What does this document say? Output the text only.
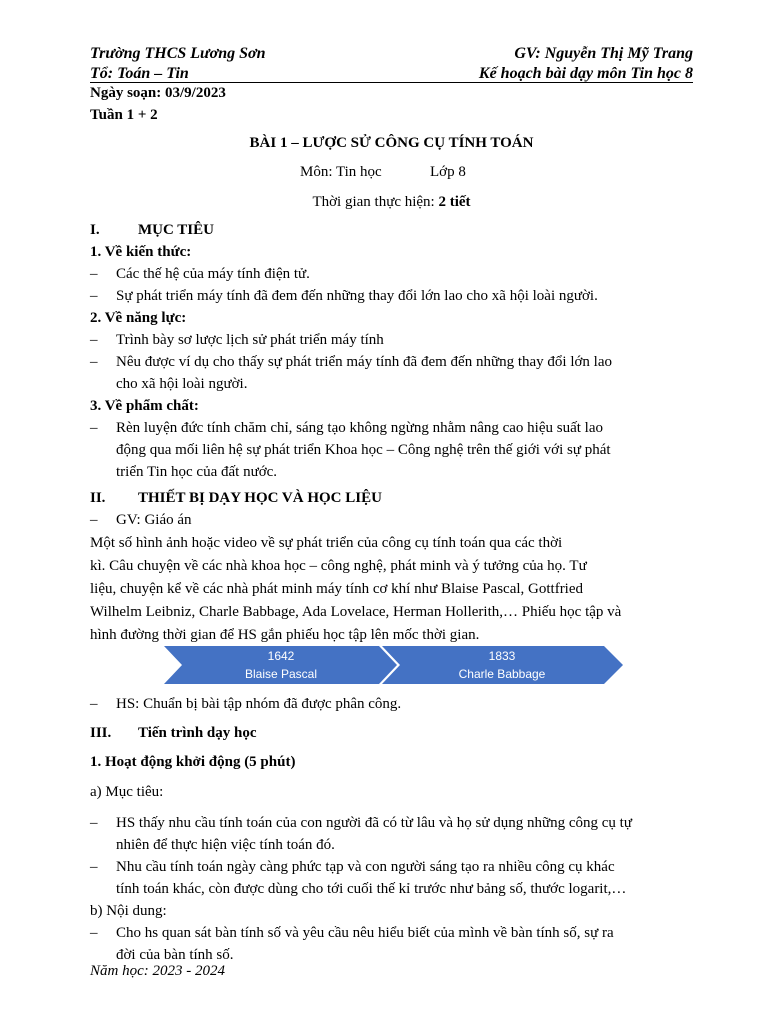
Trường THCS Lương Sơn	GV: Nguyễn Thị Mỹ Trang
Tổ: Toán – Tin	Kế hoạch bài dạy môn Tin học 8
Ngày soạn: 03/9/2023
Tuần 1 + 2
BÀI 1 – LƯỢC SỬ CÔNG CỤ TÍNH TOÁN
Môn: Tin học	Lớp 8
Thời gian thực hiện: 2 tiết
I.	MỤC TIÊU
1. Về kiến thức:
– Các thế hệ của máy tính điện tử.
– Sự phát triển máy tính đã đem đến những thay đổi lớn lao cho xã hội loài người.
2. Về năng lực:
– Trình bày sơ lược lịch sử phát triển máy tính
– Nêu được ví dụ cho thấy sự phát triển máy tính đã đem đến những thay đổi lớn lao
cho xã hội loài người.
3. Về phẩm chất:
– Rèn luyện đức tính chăm chỉ, sáng tạo không ngừng nhằm nâng cao hiệu suất lao
động qua mối liên hệ sự phát triển Khoa học – Công nghệ trên thế giới với sự phát
triển Tin học của đất nước.
II. THIẾT BỊ DẠY HỌC VÀ HỌC LIỆU
– GV: Giáo án
Một số hình ảnh hoặc video về sự phát triển của công cụ tính toán qua các thời
kì. Câu chuyện về các nhà khoa học – công nghệ, phát minh và ý tưởng của họ. Tư
liệu, chuyện kể về các nhà phát minh máy tính cơ khí như Blaise Pascal, Gottfried
Wilhelm Leibniz, Charle Babbage, Ada Lovelace, Herman Hollerith,… Phiếu học tập và
hình đường thời gian để HS gắn phiếu học tập lên mốc thời gian.
– HS: Chuẩn bị bài tập nhóm đã được phân công.
III. Tiến trình dạy học
1. Hoạt động khởi động (5 phút)
a) Mục tiêu:
– HS thấy nhu cầu tính toán của con người đã có từ lâu và họ sử dụng những công cụ tự
nhiên để thực hiện việc tính toán đó.
– Nhu cầu tính toán ngày càng phức tạp và con người sáng tạo ra nhiều công cụ khác
tính toán khác, còn được dùng cho tới cuối thế kỉ trước như bảng số, thước logarit,…
b) Nội dung:
– Cho hs quan sát bàn tính số và yêu cầu nêu hiểu biết của mình về bàn tính số, sự ra
đời của bàn tính số.
1642
Blaise Pascal
1833
Charle Babbage
Năm học: 2023 - 2024
